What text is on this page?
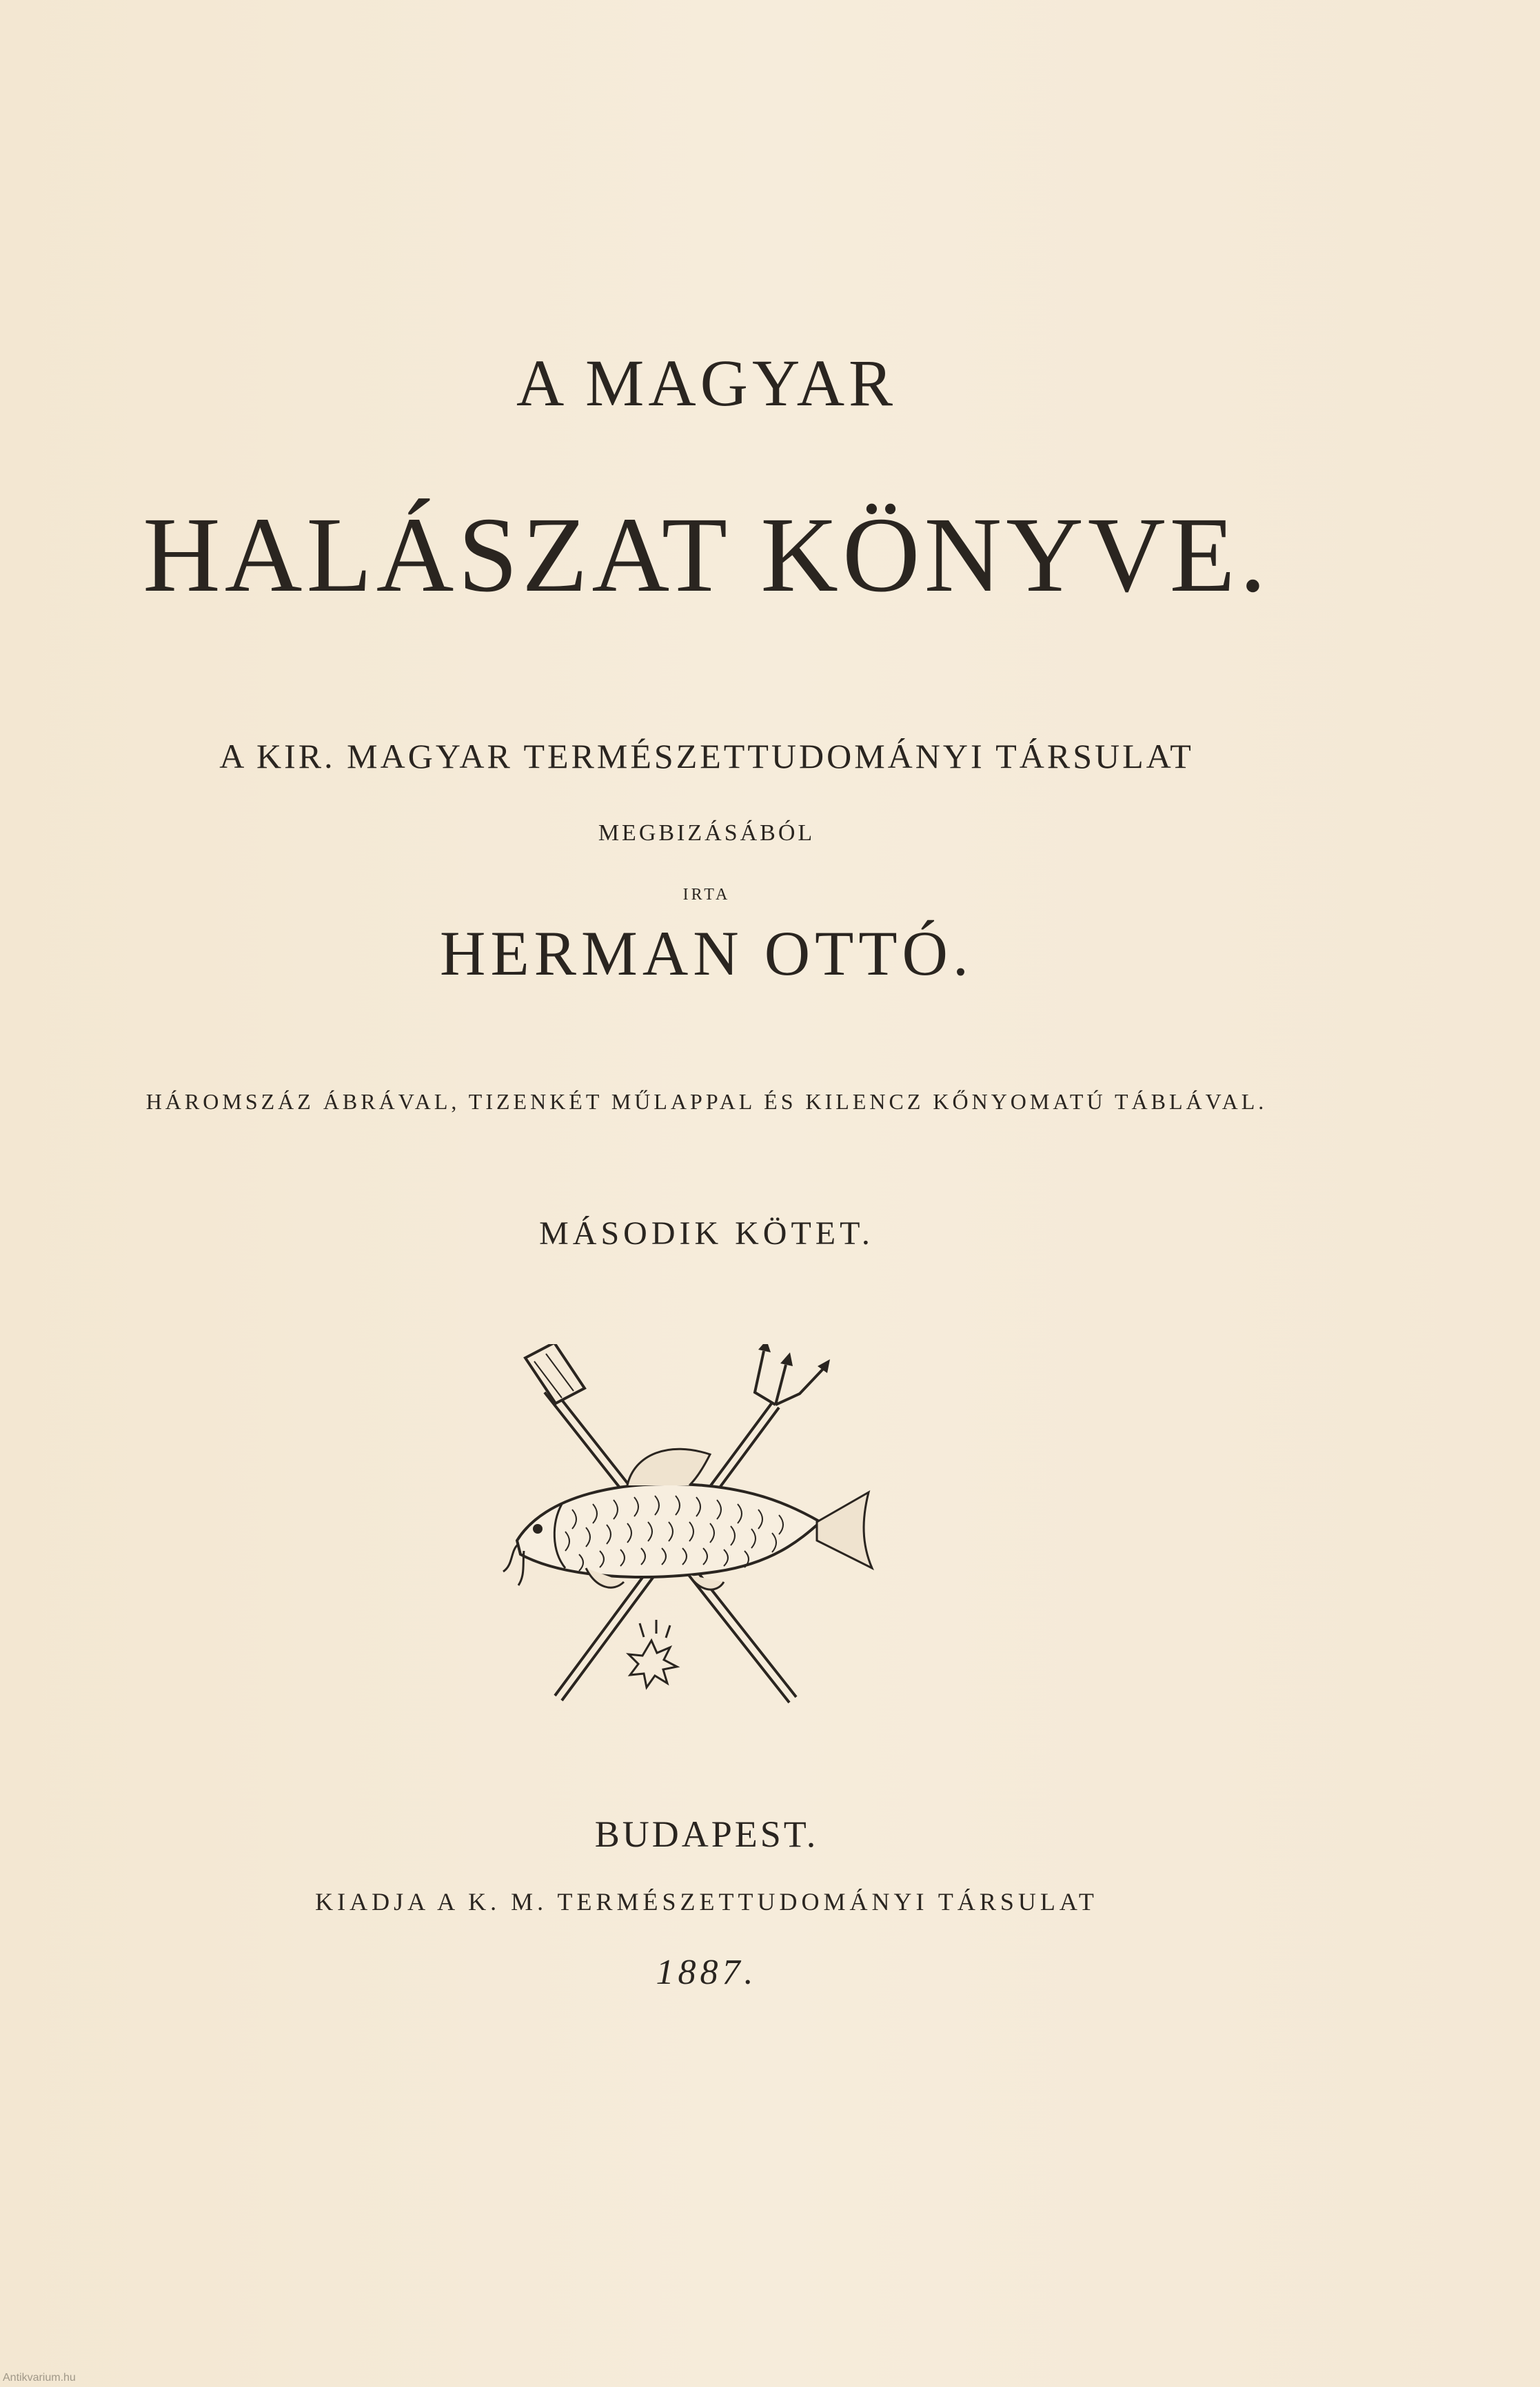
A MAGYAR
HALÁSZAT KÖNYVE.
A KIR. MAGYAR TERMÉSZETTUDOMÁNYI TÁRSULAT
MEGBIZÁSÁBÓL
IRTA
HERMAN OTTÓ.
HÁROMSZÁZ ÁBRÁVAL, TIZENKÉT MŰLAPPAL ÉS KILENCZ KŐNYOMATÚ TÁBLÁVAL.
MÁSODIK KÖTET.
BUDAPEST.
KIADJA A K. M. TERMÉSZETTUDOMÁNYI TÁRSULAT
1887.
Antikvarium.hu
